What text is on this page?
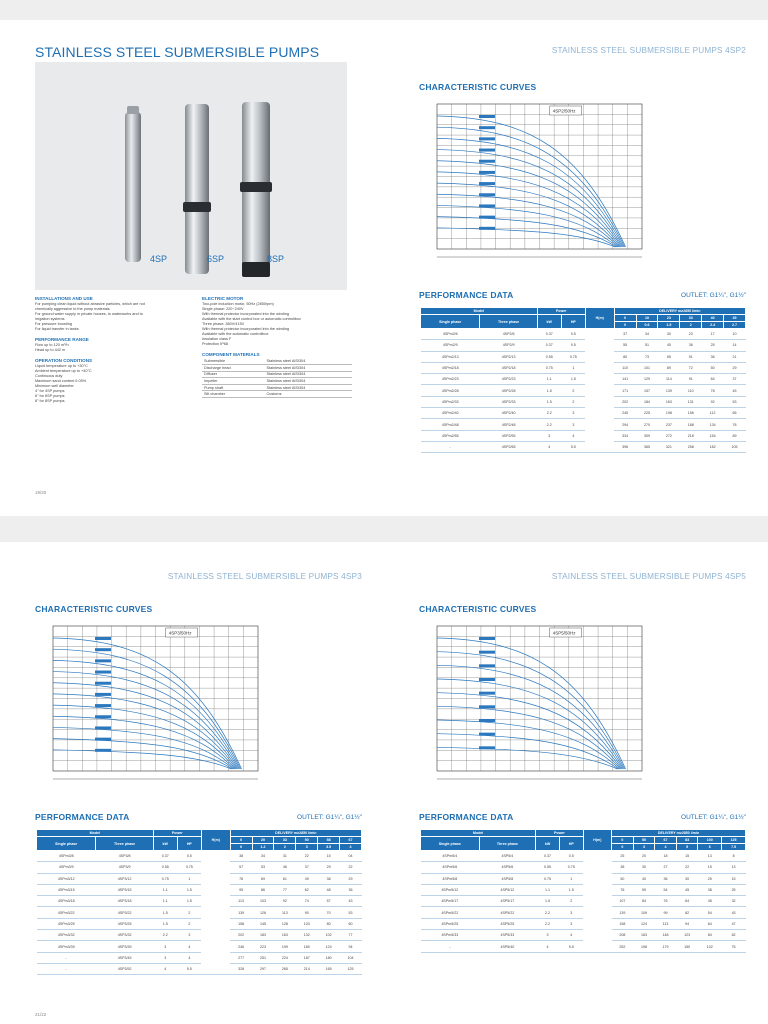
STAINLESS STEEL SUBMERSIBLE PUMPS
4SP	6SP	8SP
INSTALLATIONS AND USE
For pumping clean liquid without abrasive particles, which are not
chemically aggressive to the pump materials
For ground water supply in private houses, to waterworks and to
irrigation systems
For pressure boosting
For liquid transfer in tanks
PERFORMANCE RANGE
Flow up to 120 m³/h
Head up to 442 m
OPERATION CONDITIONS
Liquid temperature up to +30°C
Ambient temperature up to +40°C
Continuous duty
Maximum sand content 0.05%
Minimum well diameter
4" for 4SP pumps
6" for 6SP pumps
8" for 8SP pumps
ELECTRIC MOTOR
Two-pole induction motor, 50Hz (2850rpm)
Single phase: 220~240V
With thermal protector incorporated into the winding
Available with the start control box or automatic controllbox
Three phase: 380V/415V
With thermal protector incorporated into the winding
Available with the automatic controllbox
Insulation class F
Protection IP68
COMPONENT MATERIALS
Submersible	Stainless steel AISI304
Discharge head	Stainless steel AISI304
Diffuser	Stainless steel AISI304
Impeller	Stainless steel AISI304
Pump shaft	Stainless steel AISI304
Silt chamber	Customs
19/20
STAINLESS STEEL SUBMERSIBLE PUMPS 4SP2
CHARACTERISTIC CURVES
4SP2/50Hz
PERFORMANCE DATA	OUTLET: G1¼", G1½"
Model		Power		H(m)	DELIVERY m≥2850 l/min					
Single phase	Three phase	kW	HP		0	10	23	33	40	45
					0	0.6	1.5	2	2.4	2.7
4SPm2/6	4SP2/6	0.37	0.5		37	34	30	23	17	10
4SPm2/9	4SP2/9	0.37	0.5		55	51	45	36	25	14
4SPm2/13	4SP2/13	0.55	0.75		80	73	65	51	36	21
4SPm2/18	4SP2/18	0.75	1		110	101	89	72	50	29
4SPm2/23	4SP2/23	1.1	1.5		141	129	114	91	64	37
4SPm2/28	4SP2/28	1.5	2		171	157	139	110	78	45
4SPm2/33	4SP2/33	1.5	2		202	184	163	131	92	53
4SPm2/40	4SP2/40	2.2	3		245	225	198	156	112	65
4SPm2/48	4SP2/48	2.2	3		294	270	237	188	134	78
4SPm2/55	4SP2/55	3	4		334	309	272	218	154	89
-	4SP2/65	4	5.5		396	365	321	258	182	105
STAINLESS STEEL SUBMERSIBLE PUMPS 4SP3
CHARACTERISTIC CURVES
4SP3/50Hz
PERFORMANCE DATA	OUTLET: G1¼", G1½"
Model		Power		H(m)	DELIVERY m≥2850 l/min					
Single phase	Three phase	kW	HP		0	20	33	50	58	67
					0	1.2	2	3	3.5	4
4SPm3/8	4SP3/8	0.37	0.5		38	34	31	22	15	04
4SPm3/9	4SP3/9	0.55	0.75		57	53	46	37	29	22
4SPm3/12	4SP3/12	0.75	1		76	69	61	49	38	29
4SPm3/15	4SP3/15	1.1	1.5		95	86	77	62	48	36
4SPm3/18	4SP3/18	1.1	1.5		113	103	92	74	57	43
4SPm3/22	4SP3/22	1.5	2		139	126	113	90	70	53
4SPm3/25	4SP3/25	1.5	2		158	145	128	103	80	60
4SPm3/32	4SP3/32	2.2	3		202	183	163	132	102	77
4SPm3/39	4SP3/39	3	4		246	223	199	160	124	94
-	4SP3/45	3	4		277	251	224	187	180	104
-	4SP3/52	4	5.5		328	297	265	214	165	125
21/22
STAINLESS STEEL SUBMERSIBLE PUMPS 4SP5
CHARACTERISTIC CURVES
4SP5/50Hz
PERFORMANCE DATA	OUTLET: G1¼", G1½"
Model		Power		H(m)	DELIVERY m≥2850 l/min					
Single phase	Three phase	kW	HP		0	50	67	83	100	125
					0	3	4	5	6	7.5
4SPm5/4	4SP5/4	0.37	0.5		25	20	18	15	13	8
4SPm5/6	4SP5/6	0.55	0.75		38	30	27	22	15	13
4SPm5/8	4SP5/8	0.75	1		50	40	36	30	25	15
4SPm5/12	4SP5/12	1.1	1.5		76	59	54	45	38	25
4SPm5/17	4SP5/17	1.5	2		107	84	76	64	45	32
4SPm5/22	4SP5/22	2.2	3		139	109	99	82	54	43
4SPm5/25	4SP5/25	2.2	3		158	124	113	94	64	47
4SPm5/33	4SP5/33	3	4		208	163	148	123	84	62
-	4SP5/40	4	5.5		252	198	179	150	102	75
